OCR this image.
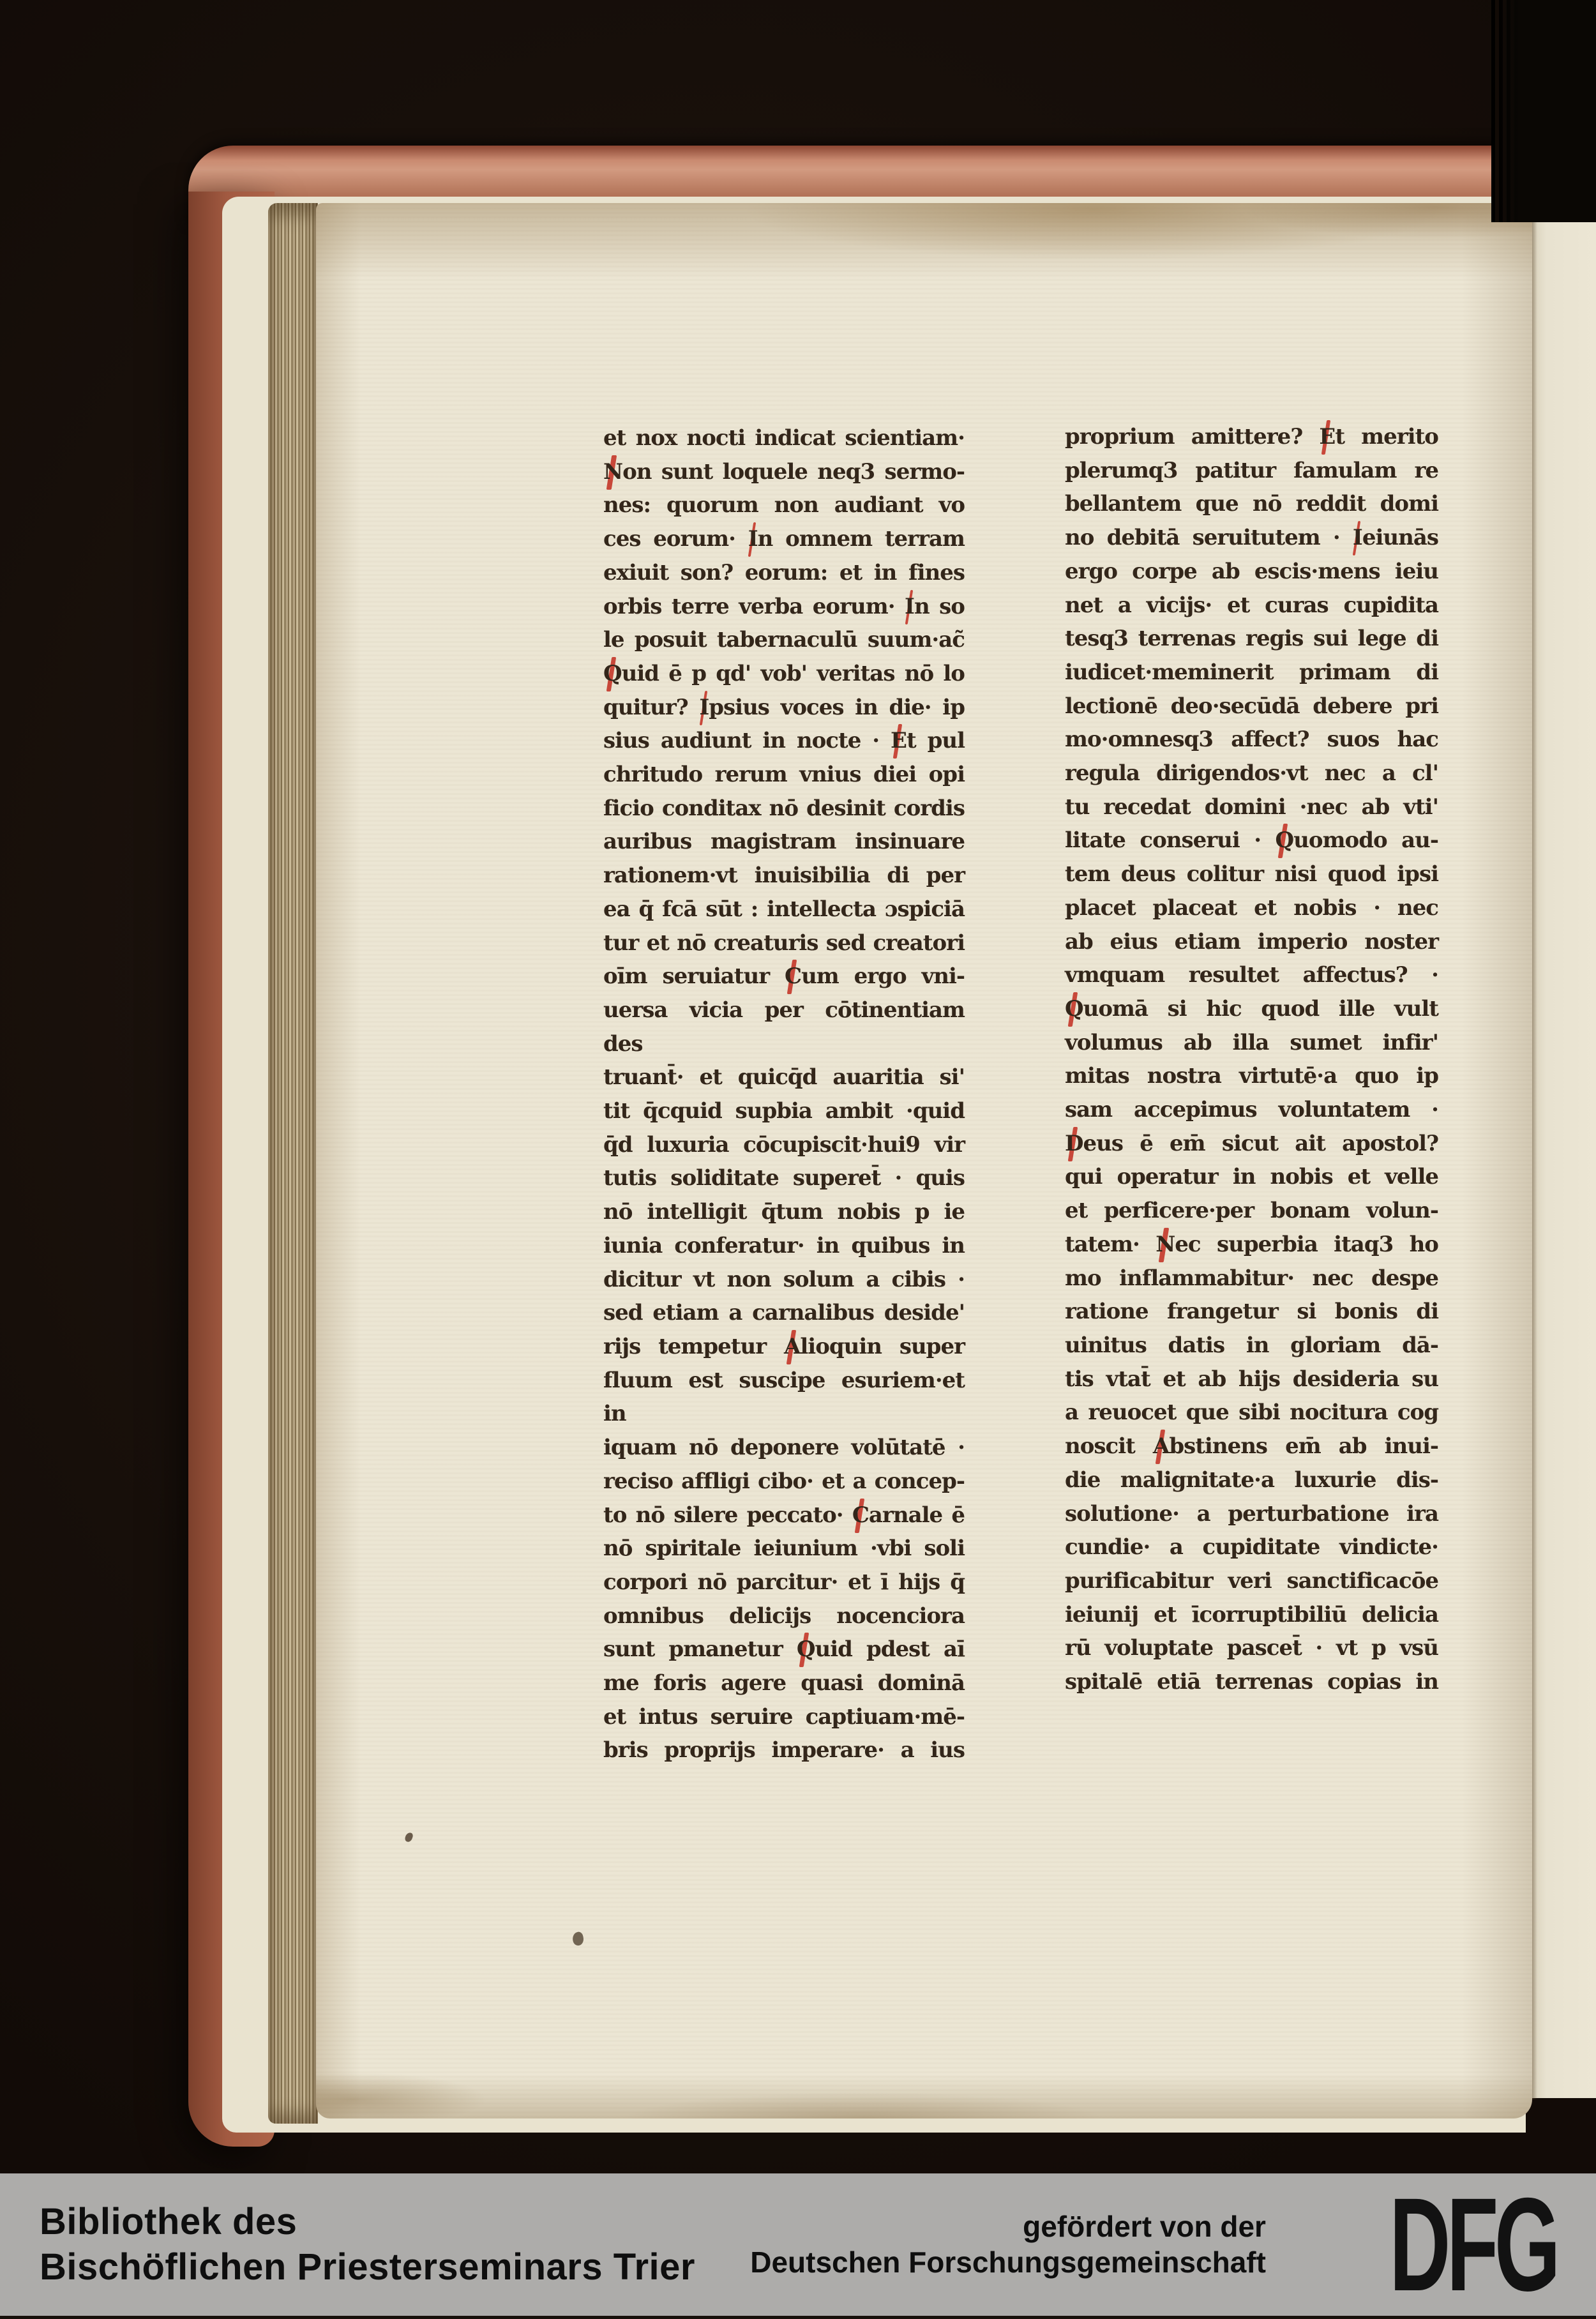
et nox nocti indicat scientiam·
Non sunt loquele neq3 sermo-
nes: quorum non audiant vo
ces eorum· In omnem terram
exiuit son? eorum: et in fines
orbis terre verba eorum· In so
le posuit tabernaculū suum·ac̃
Quid ē p qd' vob' veritas nō lo
quitur? Ipsius voces in die· ip
sius audiunt in nocte · Et pul
chritudo rerum vnius diei opi
ficio conditax nō desinit cordis
auribus magistram insinuare
rationem·vt inuisibilia di per
ea q̄ fcā sūt : intellecta ɔspiciā
tur et nō creaturis sed creatori
oīm seruiatur Cum ergo vni-
uersa vicia per cōtinentiam des
truant̄· et quicq̄d auaritia si'
tit q̄cquid supbia ambit ·quid
q̄d luxuria cōcupiscit·hui9 vir
tutis soliditate superet̄ · quis
nō intelligit q̄tum nobis p ie
iunia conferatur· in quibus in
dicitur vt non solum a cibis ·
sed etiam a carnalibus deside'
rijs tempetur Alioquin super
fluum est suscipe esuriem·et in
iquam nō deponere volūtatē ·
reciso affligi cibo· et a concep-
to nō silere peccato· Carnale ē
nō spiritale ieiunium ·vbi soli
corpori nō parcitur· et ī hijs q̄
omnibus delicijs nocenciora
sunt pmanetur Quid pdest aī
me foris agere quasi dominā
et intus seruire captiuam·mē-
bris proprijs imperare· a ius
proprium amittere? Et merito
plerumq3 patitur famulam re
bellantem que nō reddit domi
no debitā seruitutem · Ieiunās
ergo corpe ab escis·mens ieiu
net a vicijs· et curas cupidita
tesq3 terrenas regis sui lege di
iudicet·meminerit primam di
lectionē deo·secūdā debere pri
mo·omnesq3 affect? suos hac
regula dirigendos·vt nec a cl'
tu recedat domini ·nec ab vti'
litate conserui · Quomodo au-
tem deus colitur nisi quod ipsi
placet placeat et nobis · nec
ab eius etiam imperio noster
vmquam resultet affectus? ·
Quomā si hic quod ille vult
volumus ab illa sumet infir'
mitas nostra virtutē·a quo ip
sam accepimus voluntatem ·
Deus ē em̄ sicut ait apostol?
qui operatur in nobis et velle
et perficere·per bonam volun-
tatem· Nec superbia itaq3 ho
mo inflammabitur· nec despe
ratione frangetur si bonis di
uinitus datis in gloriam dā-
tis vtat̄ et ab hijs desideria su
a reuocet que sibi nocitura cog
noscit Abstinens em̄ ab inui-
die malignitate·a luxurie dis-
solutione· a perturbatione ira
cundie· a cupiditate vindicte·
purificabitur veri sanctificacōe
ieiunij et īcorruptibiliū delicia
rū voluptate pascet̄ · vt p vsū
spitalē etiā terrenas copias in
Bibliothek des
Bischöflichen Priesterseminars Trier
gefördert von der
Deutschen Forschungsgemeinschaft DFG
